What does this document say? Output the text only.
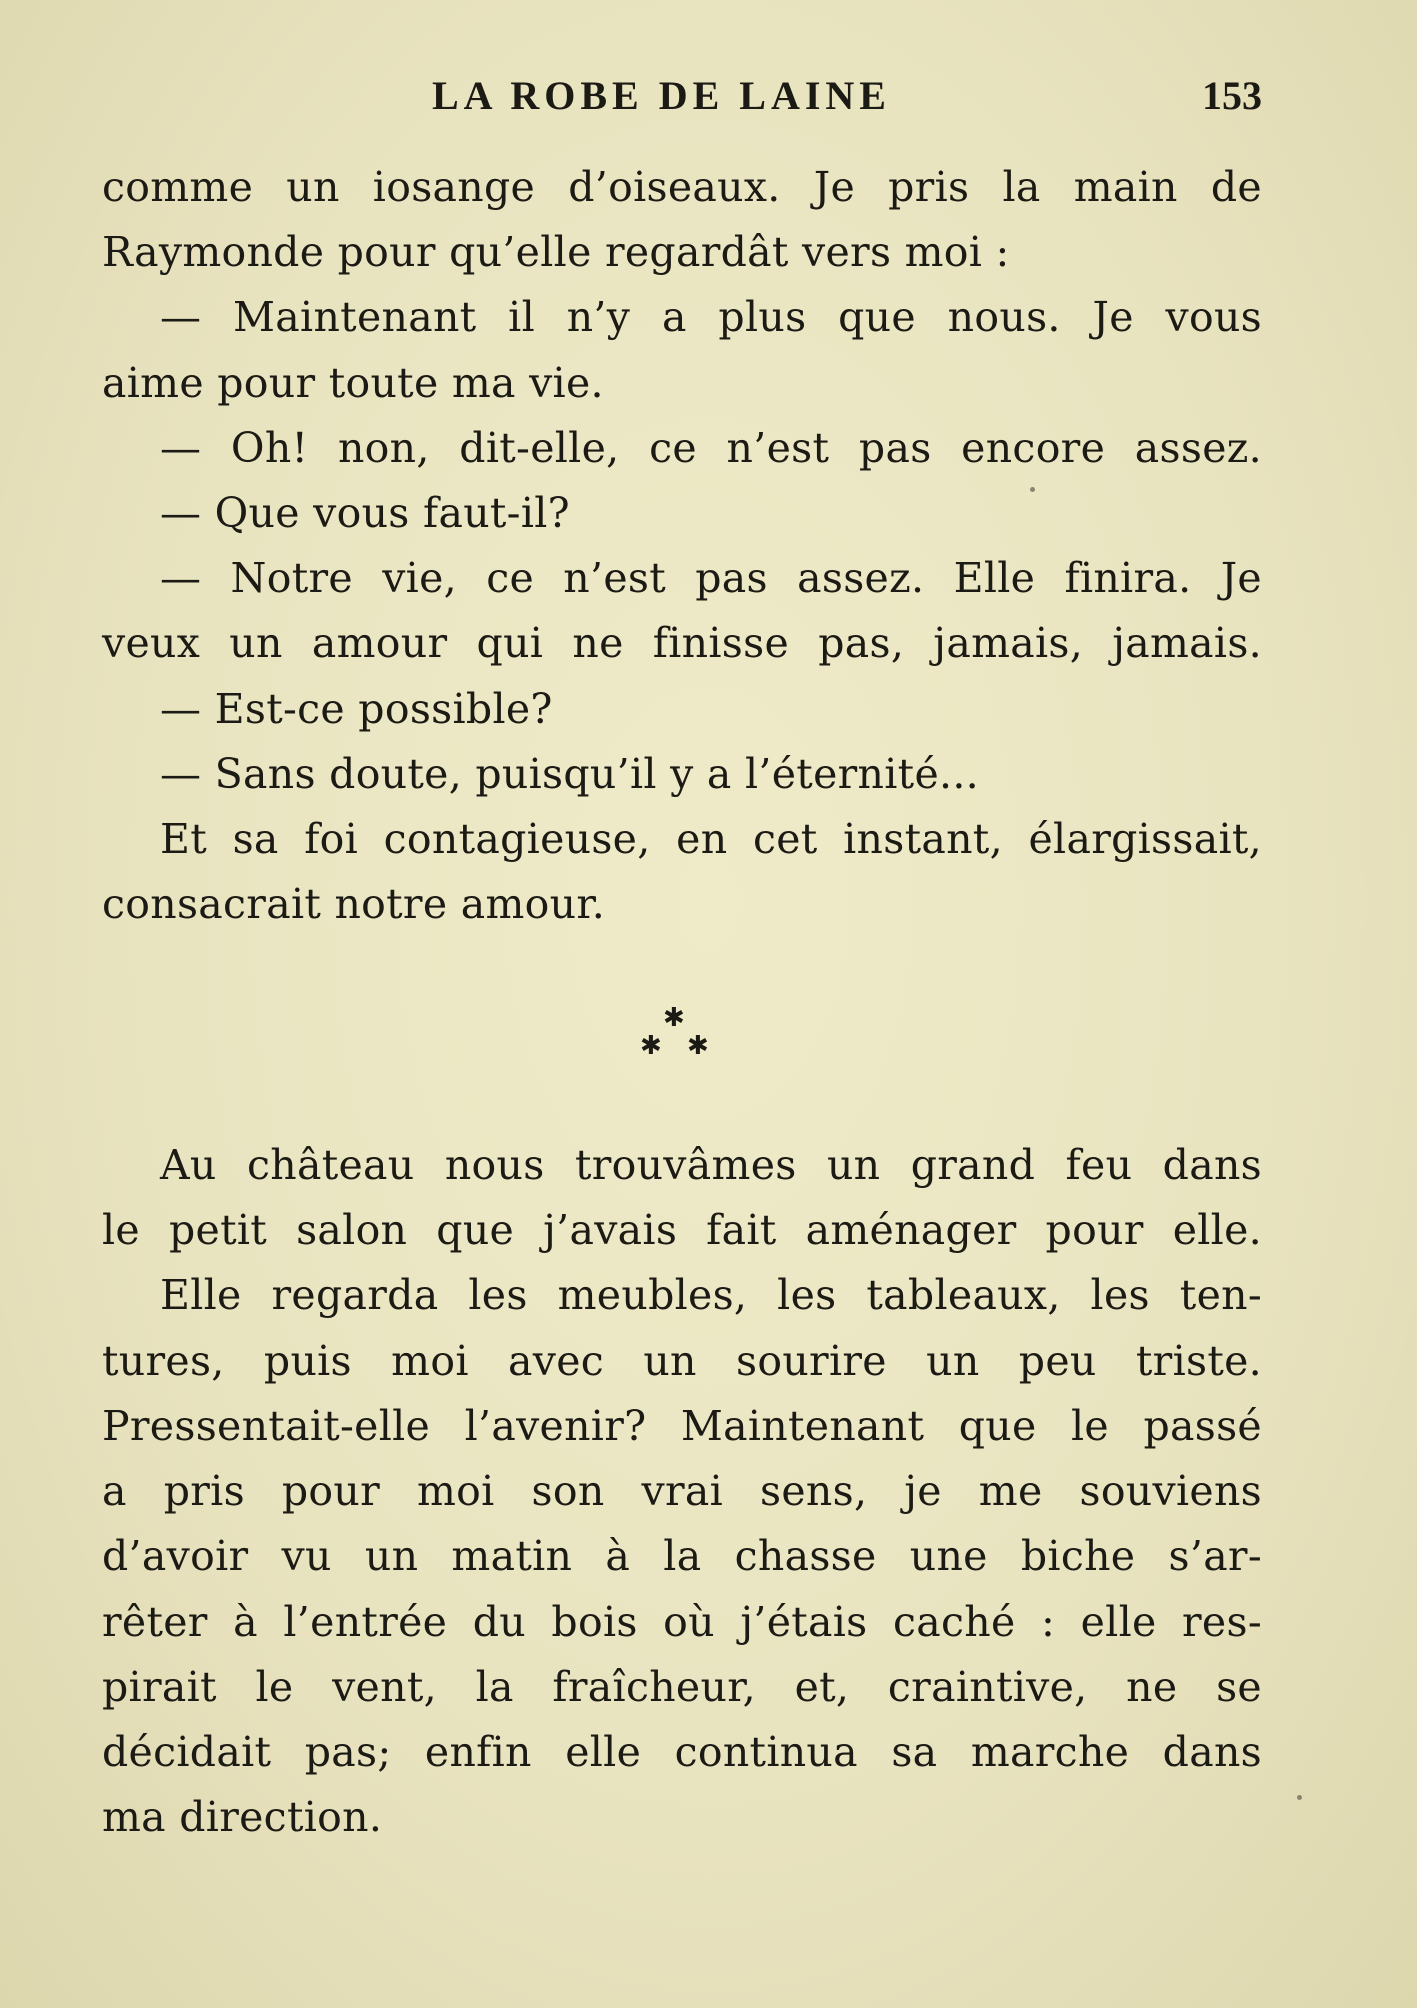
LA ROBE DE LAINE	153
comme un iosange d’oiseaux. Je pris la main de
Raymonde pour qu’elle regardât vers moi :
— Maintenant il n’y a plus que nous. Je vous
aime pour toute ma vie.
— Oh! non, dit-elle, ce n’est pas encore assez.
— Que vous faut-il?
— Notre vie, ce n’est pas assez. Elle finira. Je
veux un amour qui ne finisse pas, jamais, jamais.
— Est-ce possible?
— Sans doute, puisqu’il y a l’éternité...
Et sa foi contagieuse, en cet instant, élargissait,
consacrait notre amour.
✱
✱ ✱
Au château nous trouvâmes un grand feu dans
le petit salon que j’avais fait aménager pour elle.
Elle regarda les meubles, les tableaux, les ten-
tures, puis moi avec un sourire un peu triste.
Pressentait-elle l’avenir? Maintenant que le passé
a pris pour moi son vrai sens, je me souviens
d’avoir vu un matin à la chasse une biche s’ar-
rêter à l’entrée du bois où j’étais caché : elle res-
pirait le vent, la fraîcheur, et, craintive, ne se
décidait pas; enfin elle continua sa marche dans
ma direction.
